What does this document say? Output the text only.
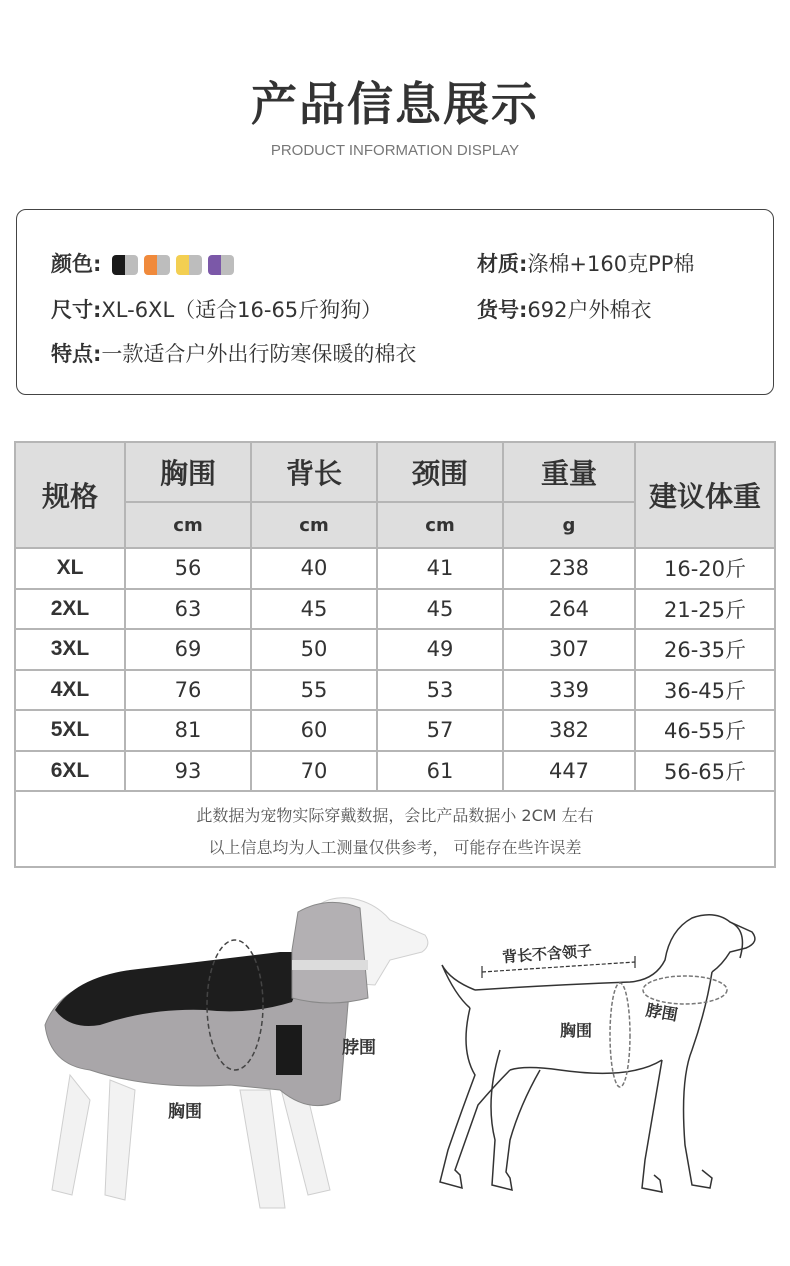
产品信息展示
PRODUCT INFORMATION DISPLAY
颜色:	材质:涤棉+160克PP棉
尺寸:XL-6XL（适合16-65斤狗狗）	货号:692户外棉衣
特点:一款适合户外出行防寒保暖的棉衣
规格
胸围	背长	颈围	重量
cm	cm	cm	g
建议体重
XL	56	40	41	238	16-20斤
2XL	63	45	45	264	21-25斤
3XL	69	50	49	307	26-35斤
4XL	76	55	53	339	36-45斤
5XL	81	60	57	382	46-55斤
6XL	93	70	61	447	56-65斤
此数据为宠物实际穿戴数据，会比产品数据小 2CM 左右
以上信息均为人工测量仅供参考， 可能存在些许误差
脖围
胸围
背长不含领子
胸围
脖围
